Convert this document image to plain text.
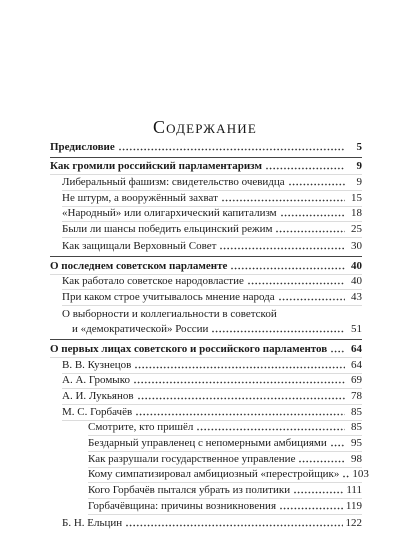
Содержание
Предисловие	5
Как громили российский парламентаризм	9
Либеральный фашизм: свидетельство очевидца	9
Не штурм, а вооружённый захват	15
«Народный» или олигархический капитализм	18
Были ли шансы победить ельцинский режим	25
Как защищали Верховный Совет	30
О последнем советском парламенте	40
Как работало советское народовластие	40
При каком строе учитывалось мнение народа	43
О выборности и коллегиальности в советской
и «демократической» России	51
О первых лицах советского и российского парламентов 64
В. В. Кузнецов	64
А. А. Громыко	69
А. И. Лукьянов	78
М. С. Горбачёв	85
Смотрите, кто пришёл	85
Бездарный управленец с непомерными амбициями 95
Как разрушали государственное управление	98
Кому симпатизировал амбициозный «перестройщик» 103
Кого Горбачёв пытался убрать из политики	111
Горбачёвщина: причины возникновения	119
Б. Н. Ельцин	122
